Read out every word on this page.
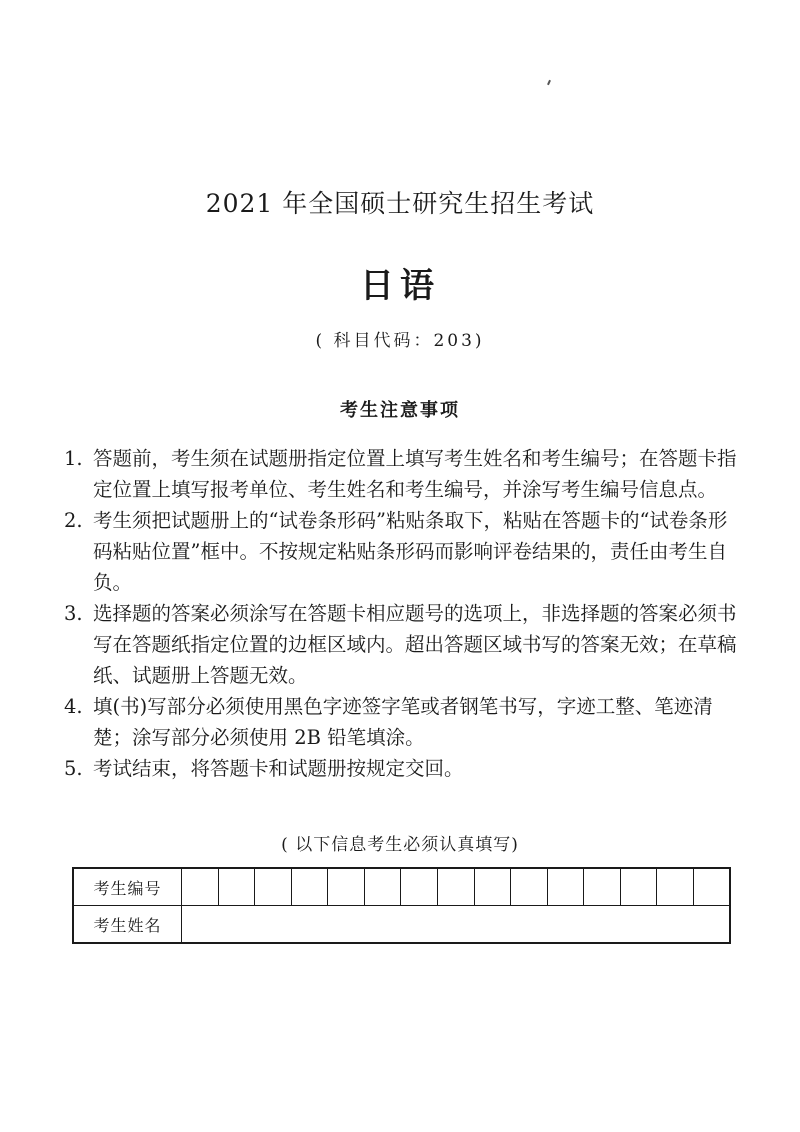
2021 年全国硕士研究生招生考试
日语
( 科目代码：203)
考生注意事项
1. 答题前，考生须在试题册指定位置上填写考生姓名和考生编号；在答题卡指定位置上填写报考单位、考生姓名和考生编号，并涂写考生编号信息点。
2. 考生须把试题册上的“试卷条形码”粘贴条取下，粘贴在答题卡的“试卷条形码粘贴位置”框中。不按规定粘贴条形码而影响评卷结果的，责任由考生自负。
3. 选择题的答案必须涂写在答题卡相应题号的选项上，非选择题的答案必须书写在答题纸指定位置的边框区域内。超出答题区域书写的答案无效；在草稿纸、试题册上答题无效。
4. 填(书)写部分必须使用黑色字迹签字笔或者钢笔书写，字迹工整、笔迹清楚；涂写部分必须使用 2B 铅笔填涂。
5. 考试结束，将答题卡和试题册按规定交回。
( 以下信息考生必须认真填写)
考生编号															
考生姓名															
